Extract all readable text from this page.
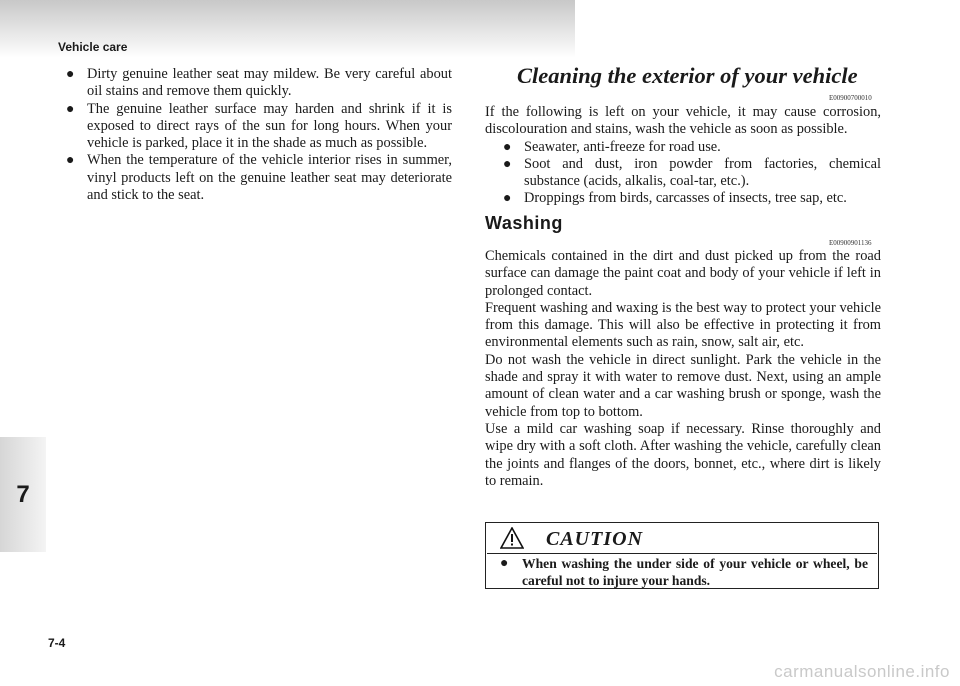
Vehicle care
7
● Dirty genuine leather seat may mildew. Be very careful about oil stains and remove them quickly.
● The genuine leather surface may harden and shrink if it is exposed to direct rays of the sun for long hours. When your vehicle is parked, place it in the shade as much as possible.
● When the temperature of the vehicle interior rises in summer, vinyl products left on the genuine leather seat may deteriorate and stick to the seat.
Cleaning the exterior of your vehicle
E00900700010
If the following is left on your vehicle, it may cause corrosion, discolouration and stains, wash the vehicle as soon as possible.
● Seawater, anti-freeze for road use.
● Soot and dust, iron powder from factories, chemical substance (acids, alkalis, coal-tar, etc.).
● Droppings from birds, carcasses of insects, tree sap, etc.
Washing
E00900901136

Chemicals contained in the dirt and dust picked up from the road surface can damage the paint coat and body of your vehicle if left in prolonged contact.

Frequent washing and waxing is the best way to protect your vehicle from this damage. This will also be effective in protecting it from environmental elements such as rain, snow, salt air, etc.

Do not wash the vehicle in direct sunlight. Park the vehicle in the shade and spray it with water to remove dust. Next, using an ample amount of clean water and a car washing brush or sponge, wash the vehicle from top to bottom.

Use a mild car washing soap if necessary. Rinse thoroughly and wipe dry with a soft cloth. After washing the vehicle, carefully clean the joints and flanges of the doors, bonnet, etc., where dirt is likely to remain.

CAUTION
● When washing the under side of your vehicle or wheel, be careful not to injure your hands.
7-4
carmanualsonline.info
